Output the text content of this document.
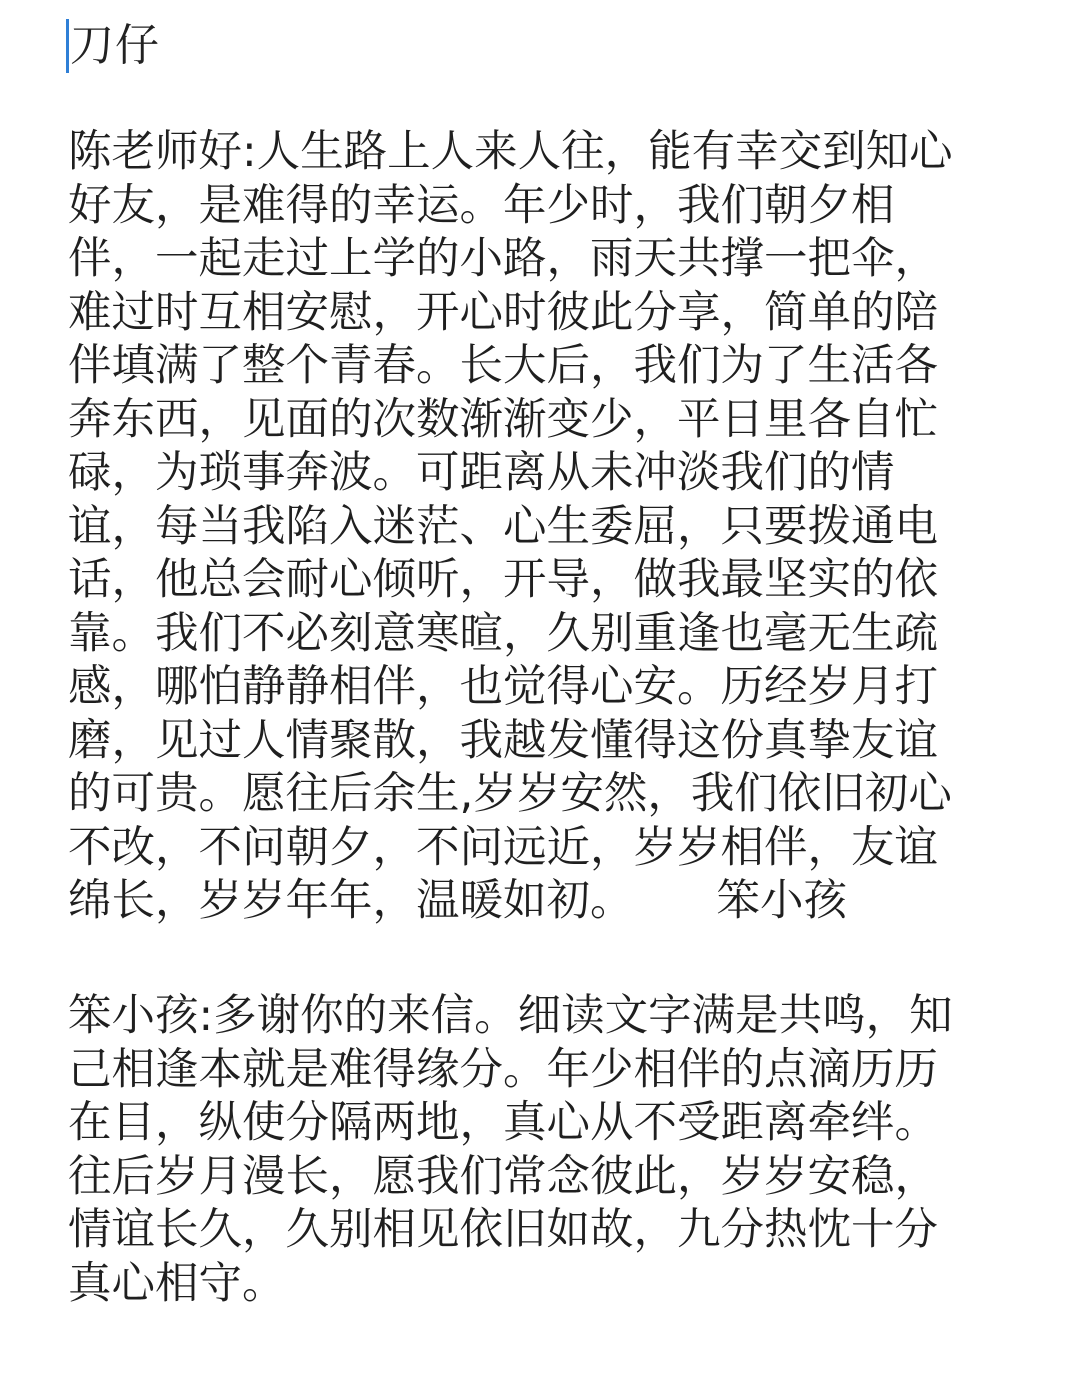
刀仔
陈老师好:人生路上人来人往，能有幸交到知心
好友，是难得的幸运。年少时，我们朝夕相
伴，一起走过上学的小路，雨天共撑一把伞，
难过时互相安慰，开心时彼此分享，简单的陪
伴填满了整个青春。长大后，我们为了生活各
奔东西，见面的次数渐渐变少，平日里各自忙
碌，为琐事奔波。可距离从未冲淡我们的情
谊，每当我陷入迷茫、心生委屈，只要拨通电
话，他总会耐心倾听，开导，做我最坚实的依
靠。我们不必刻意寒暄，久别重逢也毫无生疏
感，哪怕静静相伴，也觉得心安。历经岁月打
磨，见过人情聚散，我越发懂得这份真挚友谊
的可贵。愿往后余生,岁岁安然，我们依旧初心
不改，不问朝夕，不问远近，岁岁相伴，友谊
绵长，岁岁年年，温暖如初。      笨小孩
笨小孩:多谢你的来信。细读文字满是共鸣，知
己相逢本就是难得缘分。年少相伴的点滴历历
在目，纵使分隔两地，真心从不受距离牵绊。
往后岁月漫长，愿我们常念彼此，岁岁安稳，
情谊长久，久别相见依旧如故，九分热忱十分
真心相守。
